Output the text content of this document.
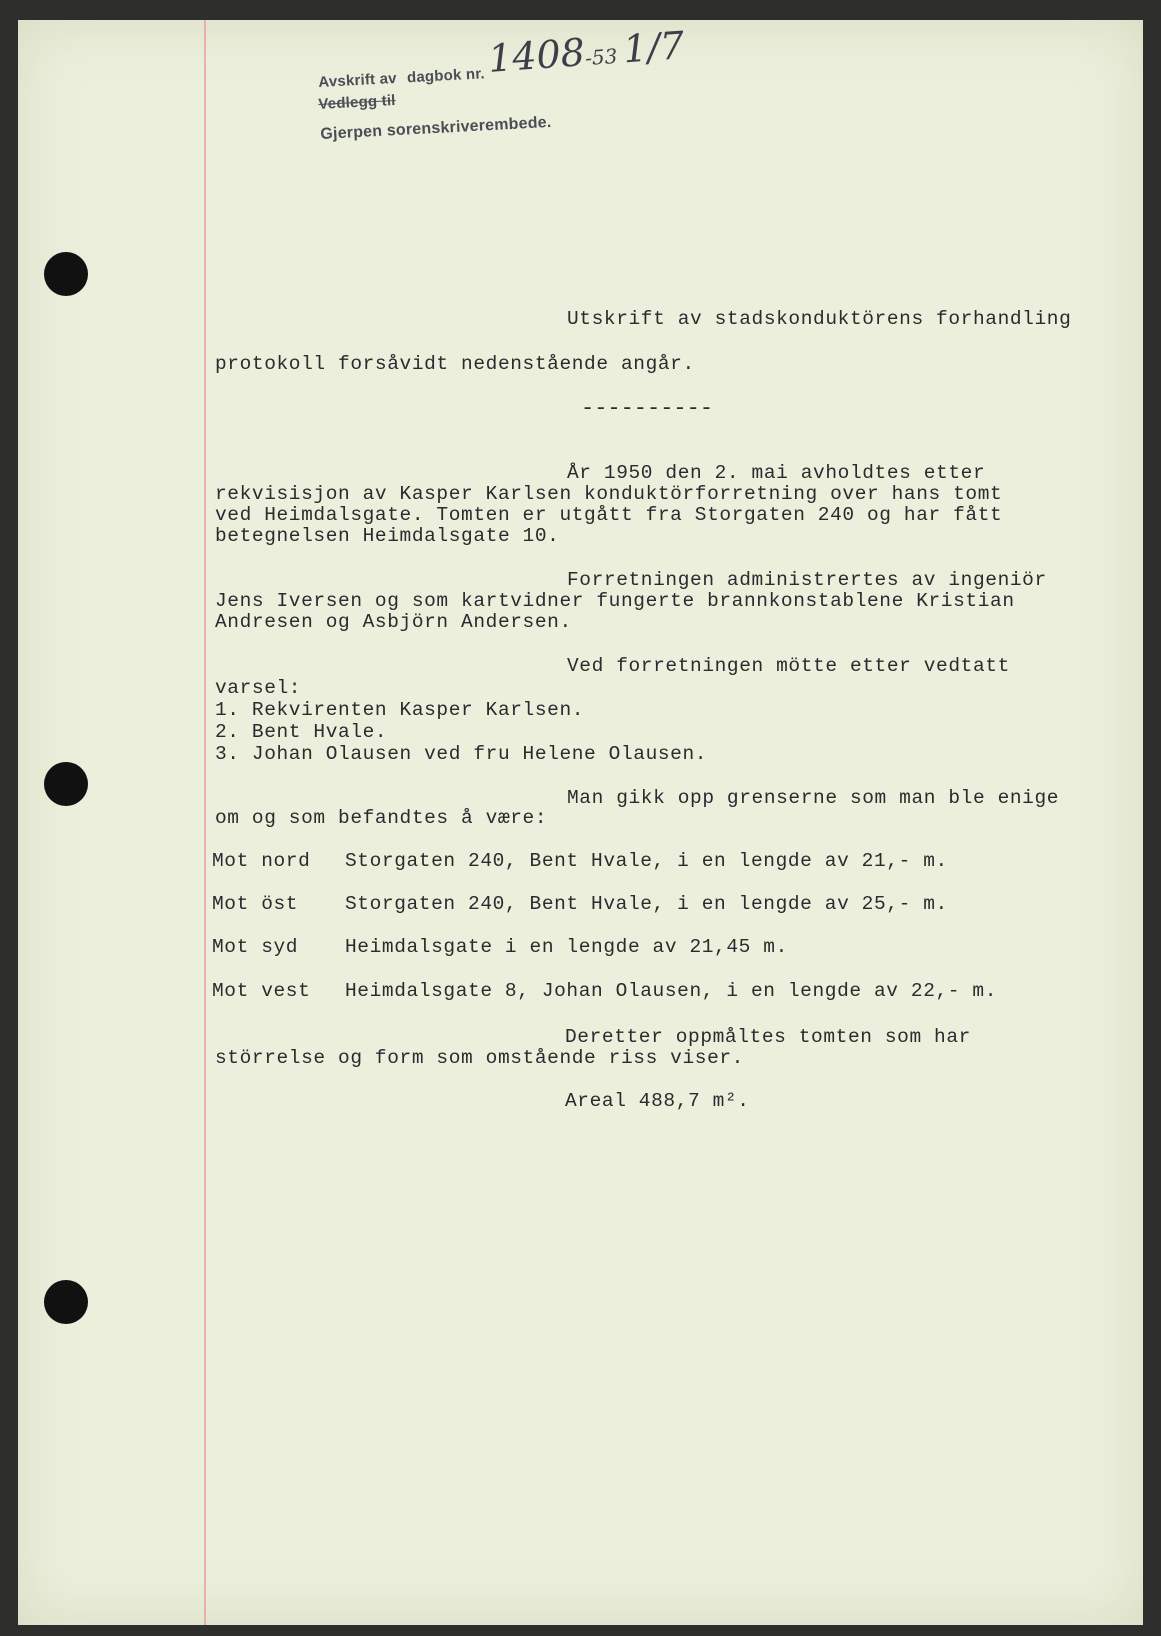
Avskrift av dagbok nr.
Vedlegg til
Gjerpen sorenskriverembede.
1408-53 1/7
Utskrift av stadskonduktörens forhandling
protokoll forsåvidt nedenstående angår.
----------
År 1950 den 2. mai avholdtes etter
rekvisisjon av Kasper Karlsen konduktörforretning over hans tomt
ved Heimdalsgate. Tomten er utgått fra Storgaten 240 og har fått
betegnelsen Heimdalsgate 10.
Forretningen administrertes av ingeniör
Jens Iversen og som kartvidner fungerte brannkonstablene Kristian
Andresen og Asbjörn Andersen.
Ved forretningen mötte etter vedtatt
varsel:
1. Rekvirenten Kasper Karlsen.
2. Bent Hvale.
3. Johan Olausen ved fru Helene Olausen.
Man gikk opp grenserne som man ble enige
om og som befandtes å være:
Mot nord Storgaten 240, Bent Hvale, i en lengde av 21,- m.
Mot öst Storgaten 240, Bent Hvale, i en lengde av 25,- m.
Mot syd Heimdalsgate i en lengde av 21,45 m.
Mot vest Heimdalsgate 8, Johan Olausen, i en lengde av 22,- m.
Deretter oppmåltes tomten som har
störrelse og form som omstående riss viser.
Areal 488,7 m².
